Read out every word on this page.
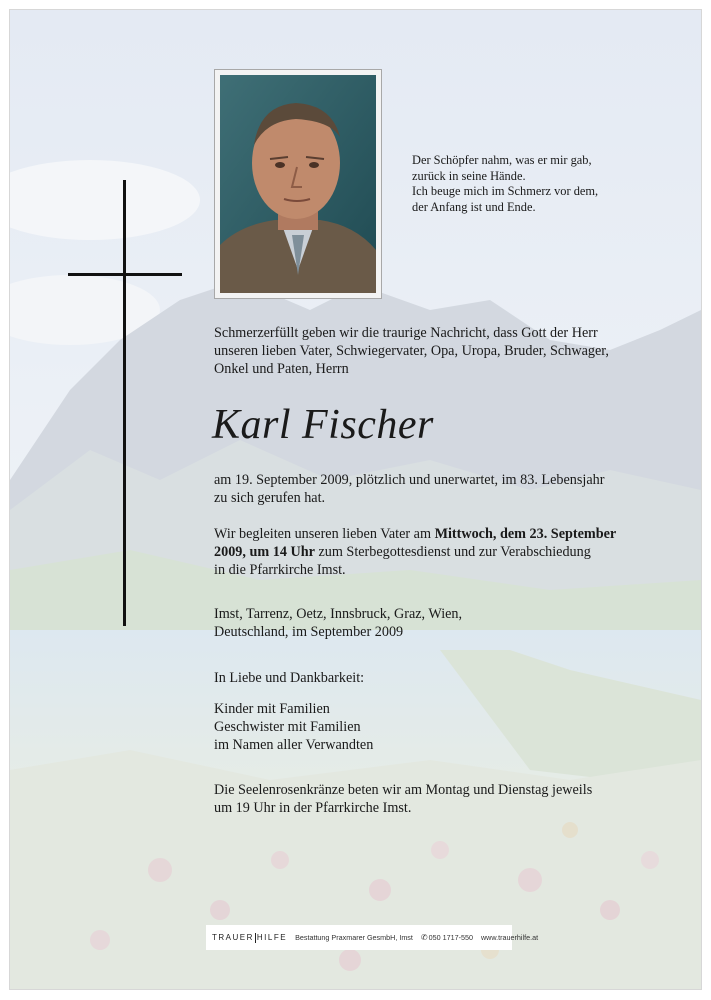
Der Schöpfer nahm, was er mir gab,
zurück in seine Hände.
Ich beuge mich im Schmerz vor dem,
der Anfang ist und Ende.
Schmerzerfüllt geben wir die traurige Nachricht, dass Gott der Herr
unseren lieben Vater, Schwiegervater, Opa, Uropa, Bruder, Schwager,
Onkel und Paten, Herrn
Karl Fischer
am 19. September 2009, plötzlich und unerwartet, im 83. Lebensjahr
zu sich gerufen hat.
Wir begleiten unseren lieben Vater am Mittwoch, dem 23. September
2009, um 14 Uhr zum Sterbegottesdienst und zur Verabschiedung
in die Pfarrkirche Imst.
Imst, Tarrenz, Oetz, Innsbruck, Graz, Wien,
Deutschland, im September 2009
In Liebe und Dankbarkeit:
Kinder mit Familien
Geschwister mit Familien
im Namen aller Verwandten
Die Seelenrosenkränze beten wir am Montag und Dienstag jeweils
um 19 Uhr in der Pfarrkirche Imst.
TRAUER HILFE Bestattung Praxmarer GesmbH, Imst ✆050 1717-550 www.trauerhilfe.at
